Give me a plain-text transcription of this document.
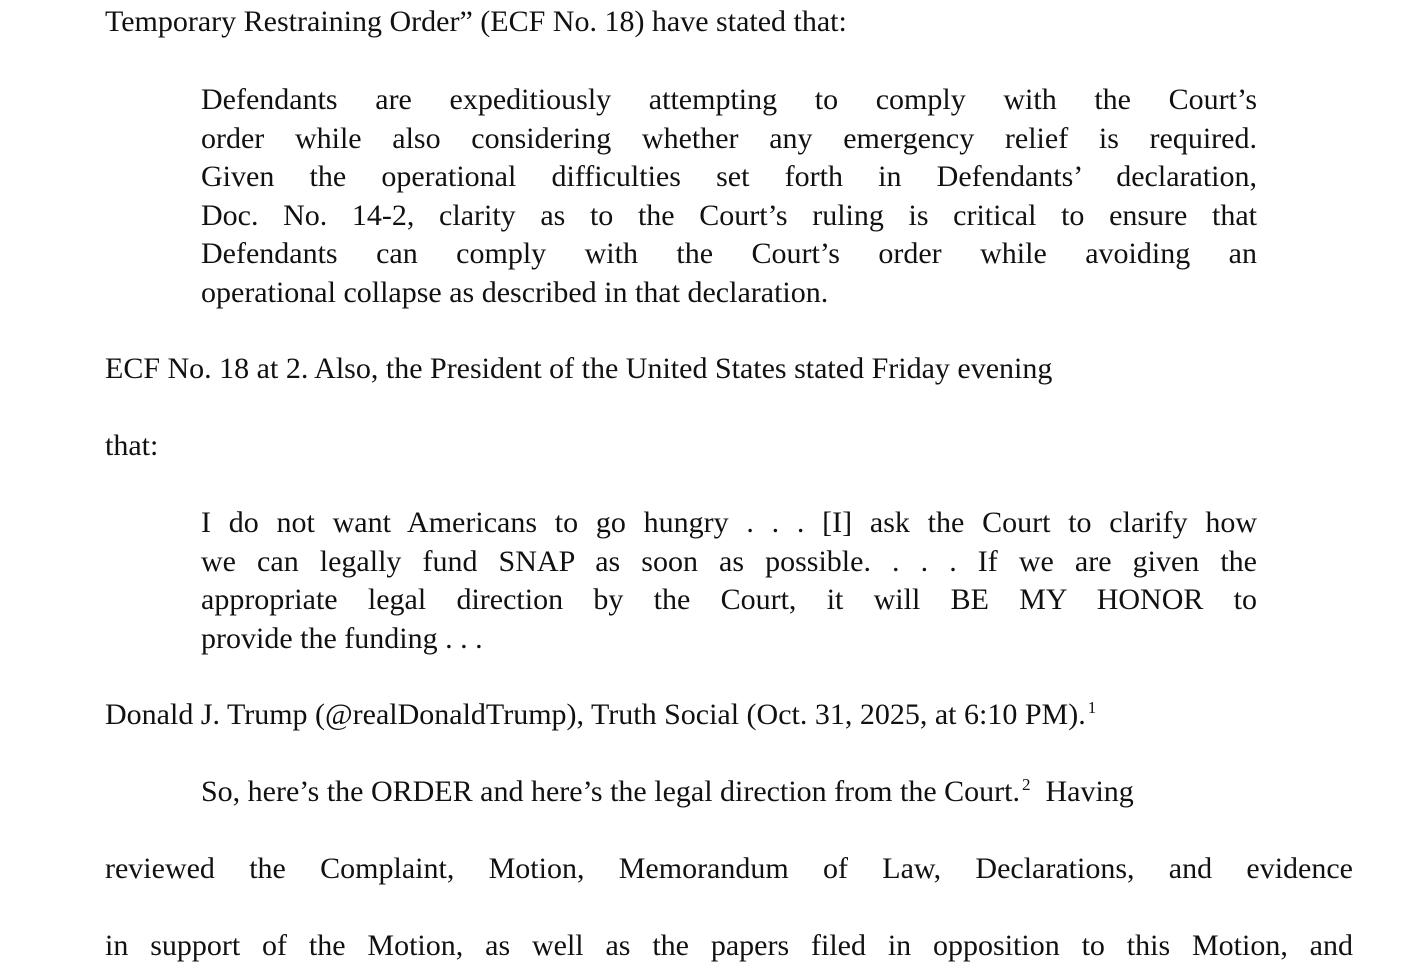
Temporary Restraining Order” (ECF No. 18) have stated that:
Defendants are expeditiously attempting to comply with the Court’s
order while also considering whether any emergency relief is required.
Given the operational difficulties set forth in Defendants’ declaration,
Doc. No. 14-2, clarity as to the Court’s ruling is critical to ensure that
Defendants can comply with the Court’s order while avoiding an
operational collapse as described in that declaration.
ECF No. 18 at 2. Also, the President of the United States stated Friday evening
that:
I do not want Americans to go hungry . . . [I] ask the Court to clarify how
we can legally fund SNAP as soon as possible. . . . If we are given the
appropriate legal direction by the Court, it will BE MY HONOR to
provide the funding . . .
Donald J. Trump (@realDonaldTrump), Truth Social (Oct. 31, 2025, at 6:10 PM). $^1$
So, here’s the ORDER and here’s the legal direction from the Court. $^2$  Having
reviewed the Complaint, Motion, Memorandum of Law, Declarations, and evidence
in support of the Motion, as well as the papers filed in opposition to this Motion, and
